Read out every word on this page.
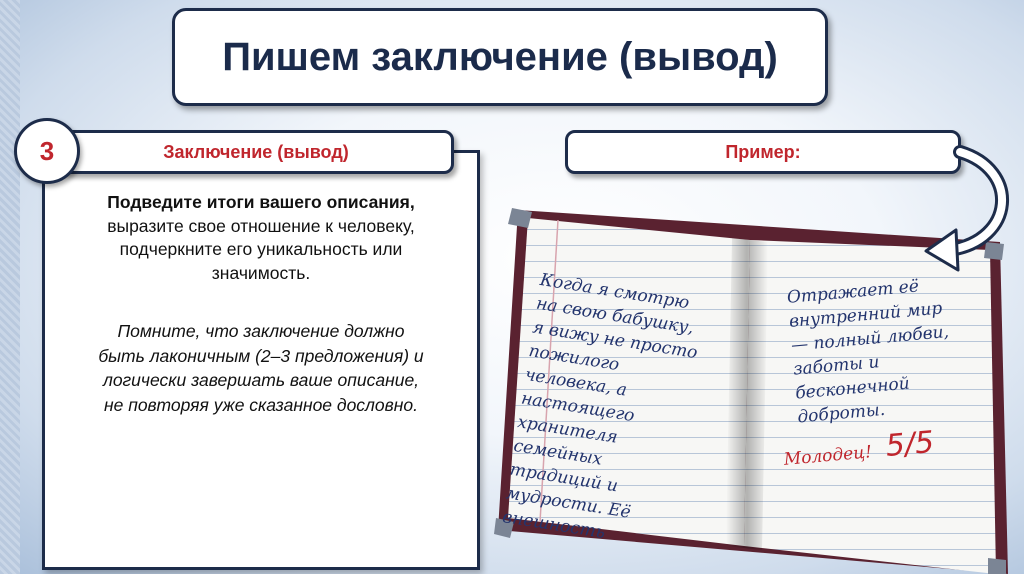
Пишем заключение (вывод)
3	Заключение (вывод)
Подведите итоги вашего описания,
выразите свое отношение к человеку,
подчеркните его уникальность или
значимость.
Помните, что заключение должно
быть лаконичным (2–3 предложения) и
логически завершать ваше описание,
не повторяя уже сказанное дословно.
Пример:
Когда я смотрю
на свою бабушку,
я вижу не просто
пожилого
человека, а
настоящего
хранителя
семейных
традиций и
мудрости. Её
внешность
Отражает её
внутренний мир
— полный любви,
заботы и
бесконечной
доброты.
Молодец! 5/5
